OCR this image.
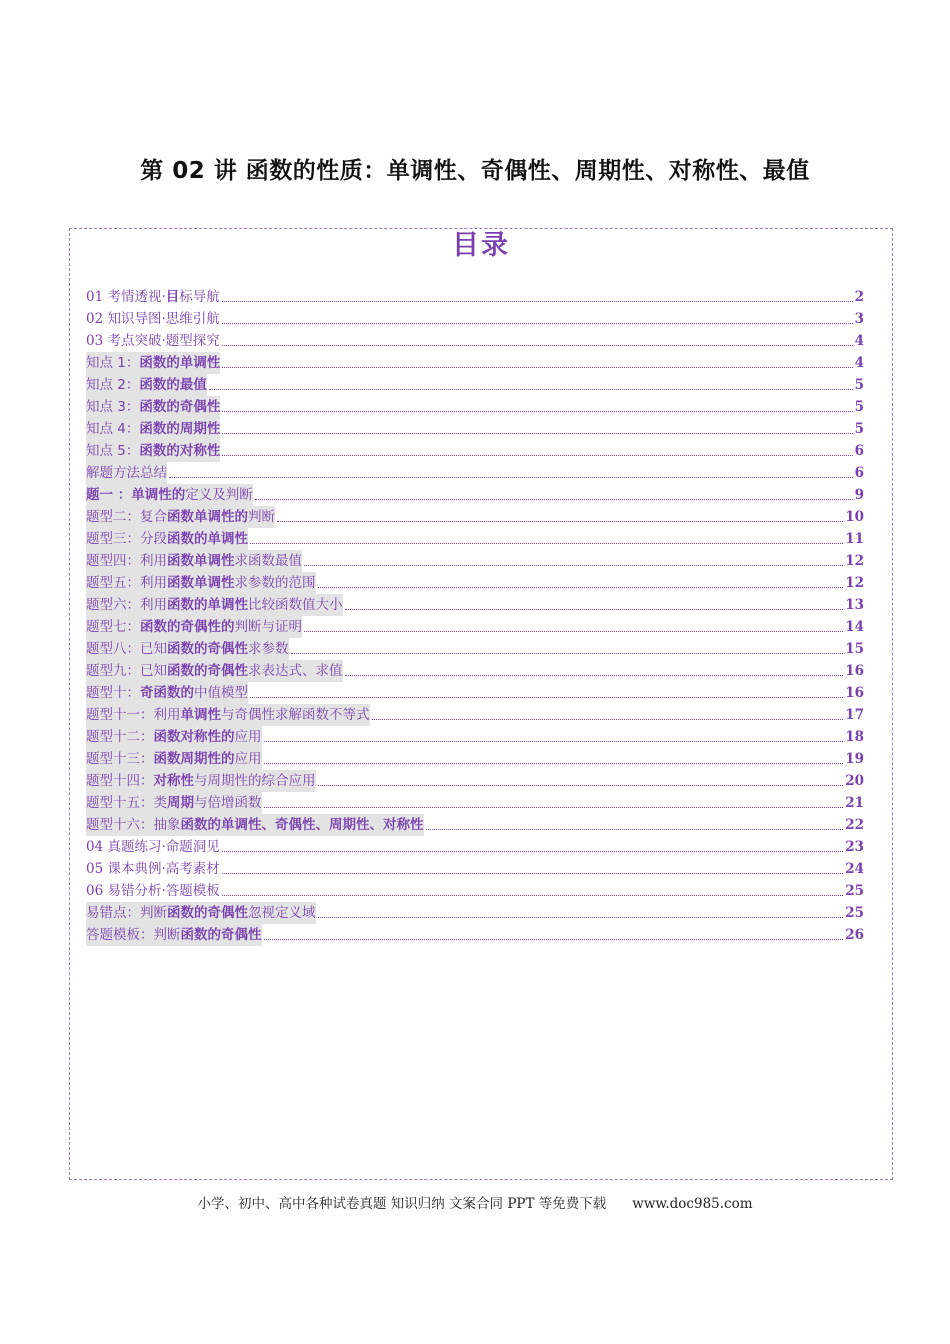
第 02 讲 函数的性质：单调性、奇偶性、周期性、对称性、最值
目录
01 考情透视·目标导航	2
02 知识导图·思维引航	3
03 考点突破·题型探究	4
知点 1：函数的单调性	4
知点 2：函数的最值	5
知点 3：函数的奇偶性	5
知点 4：函数的周期性	5
知点 5：函数的对称性	6
解题方法总结	6
题一 ：单调性的定义及判断	9
题型二：复合函数单调性的判断	10
题型三：分段函数的单调性	11
题型四：利用函数单调性求函数最值	12
题型五：利用函数单调性求参数的范围	12
题型六：利用函数的单调性比较函数值大小	13
题型七：函数的奇偶性的判断与证明	14
题型八：已知函数的奇偶性求参数	15
题型九：已知函数的奇偶性求表达式、求值	16
题型十：奇函数的中值模型	16
题型十一：利用单调性与奇偶性求解函数不等式	17
题型十二：函数对称性的应用	18
题型十三：函数周期性的应用	19
题型十四：对称性与周期性的综合应用	20
题型十五：类周期与倍增函数	21
题型十六：抽象函数的单调性、奇偶性、周期性、对称性	22
04 真题练习·命题洞见	23
05 课本典例·高考素材	24
06 易错分析·答题模板	25
易错点：判断函数的奇偶性忽视定义域	25
答题模板：判断函数的奇偶性	26
小学、初中、高中各种试卷真题 知识归纳 文案合同 PPT 等免费下载 www.doc985.com
